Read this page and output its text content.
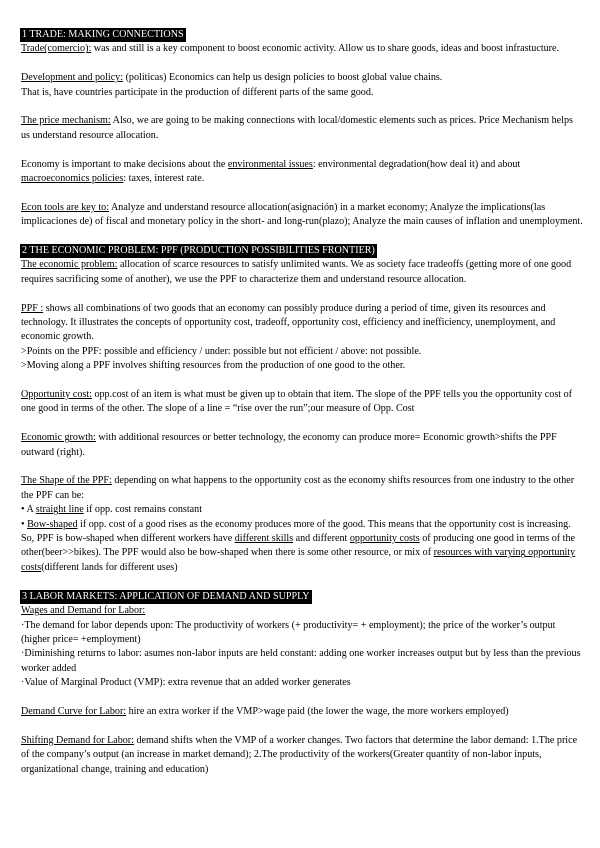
1 TRADE: MAKING CONNECTIONS

Trade(comercio): was and still is a key component to boost economic activity. Allow us to share goods, ideas and boost infrastucture.

Development and policy: (políticas) Economics can help us design policies to boost global value chains.
That is, have countries participate in the production of different parts of the same good.

The price mechanism: Also, we are going to be making connections with local/domestic elements such as prices. Price Mechanism helps us understand resource allocation.

Economy is important to make decisions about the environmental issues: environmental degradation(how deal it) and about macroeconomics policies: taxes, interest rate.

Econ tools are key to: Analyze and understand resource allocation(asignación) in a market economy; Analyze the implications(las implicaciones de) of fiscal and monetary policy in the short- and long-run(plazo); Analyze the main causes of inflation and unemployment.

2 THE ECONOMIC PROBLEM: PPF (PRODUCTION POSSIBILITIES FRONTIER)

The economic problem: allocation of scarce resources to satisfy unlimited wants. We as society face tradeoffs (getting more of one good requires sacrificing some of another), we use the PPF to characterize them and understand resource allocation.

PPF : shows all combinations of two goods that an economy can possibly produce during a period of time, given its resources and technology. It illustrates the concepts of opportunity cost, tradeoff, opportunity cost, efficiency and inefficiency, unemployment, and economic growth.
>Points on the PPF: possible and efficiency / under: possible but not efficient / above: not possible.
>Moving along a PPF involves shifting resources from the production of one good to the other.

Opportunity cost: opp.cost of an item is what must be given up to obtain that item. The slope of the PPF tells you the opportunity cost of one good in terms of the other. The slope of a line = “rise over the run”;our measure of Opp. Cost

Economic growth: with additional resources or better technology, the economy can produce more= Economic growth>shifts the PPF outward (right).

The Shape of the PPF: depending on what happens to the opportunity cost as the economy shifts resources from one industry to the other the PPF can be:
• A straight line if opp. cost remains constant
• Bow-shaped if opp. cost of a good rises as the economy produces more of the good. This means that the opportunity cost is increasing. So, PPF is bow-shaped when different workers have different skills and different opportunity costs of producing one good in terms of the other(beer>>bikes). The PPF would also be bow-shaped when there is some other resource, or mix of resources with varying opportunity costs(different lands for different uses)

3 LABOR MARKETS: APPLICATION OF DEMAND AND SUPPLY

Wages and Demand for Labor:

·The demand for labor depends upon: The productivity of workers (+ productivity= + employment); the price of the worker’s output (higher price= +employment)

·Diminishing returns to labor: asumes non-labor inputs are held constant: adding one worker increases output but by less than the previous worker added

·Value of Marginal Product (VMP): extra revenue that an added worker generates

Demand Curve for Labor: hire an extra worker if the VMP>wage paid (the lower the wage, the more workers employed)

Shifting Demand for Labor: demand shifts when the VMP of a worker changes. Two factors that determine the labor demand: 1.The price of the company’s output (an increase in market demand); 2.The productivity of the workers(Greater quantity of non-labor inputs, organizational change, training and education)
